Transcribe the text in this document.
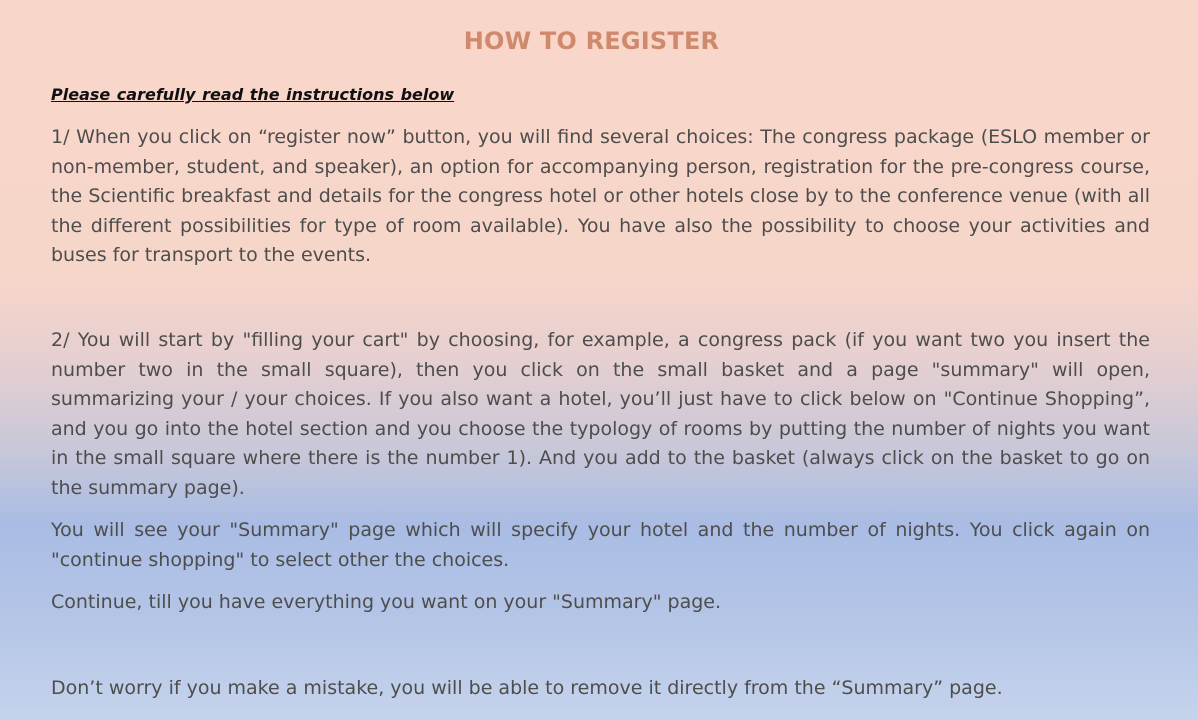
HOW TO REGISTER
Please carefully read the instructions below

1/ When you click on “register now” button, you will find several choices: The congress package (ESLO member or non-member, student, and speaker), an option for accompanying person, registration for the pre-congress course, the Scientific breakfast and details for the congress hotel or other hotels close by to the conference venue (with all the different possibilities for type of room available). You have also the possibility to choose your activities and buses for transport to the events.

2/ You will start by "filling your cart" by choosing, for example, a congress pack (if you want two you insert the number two in the small square), then you click on the small basket and a page "summary" will open, summarizing your / your choices. If you also want a hotel, you’ll just have to click below on "Continue Shopping”, and you go into the hotel section and you choose the typology of rooms by putting the number of nights you want in the small square where there is the number 1). And you add to the basket (always click on the basket to go on the summary page).

You will see your "Summary" page which will specify your hotel and the number of nights. You click again on "continue shopping" to select other the choices.

Continue, till you have everything you want on your "Summary" page.

Don’t worry if you make a mistake, you will be able to remove it directly from the “Summary” page.
